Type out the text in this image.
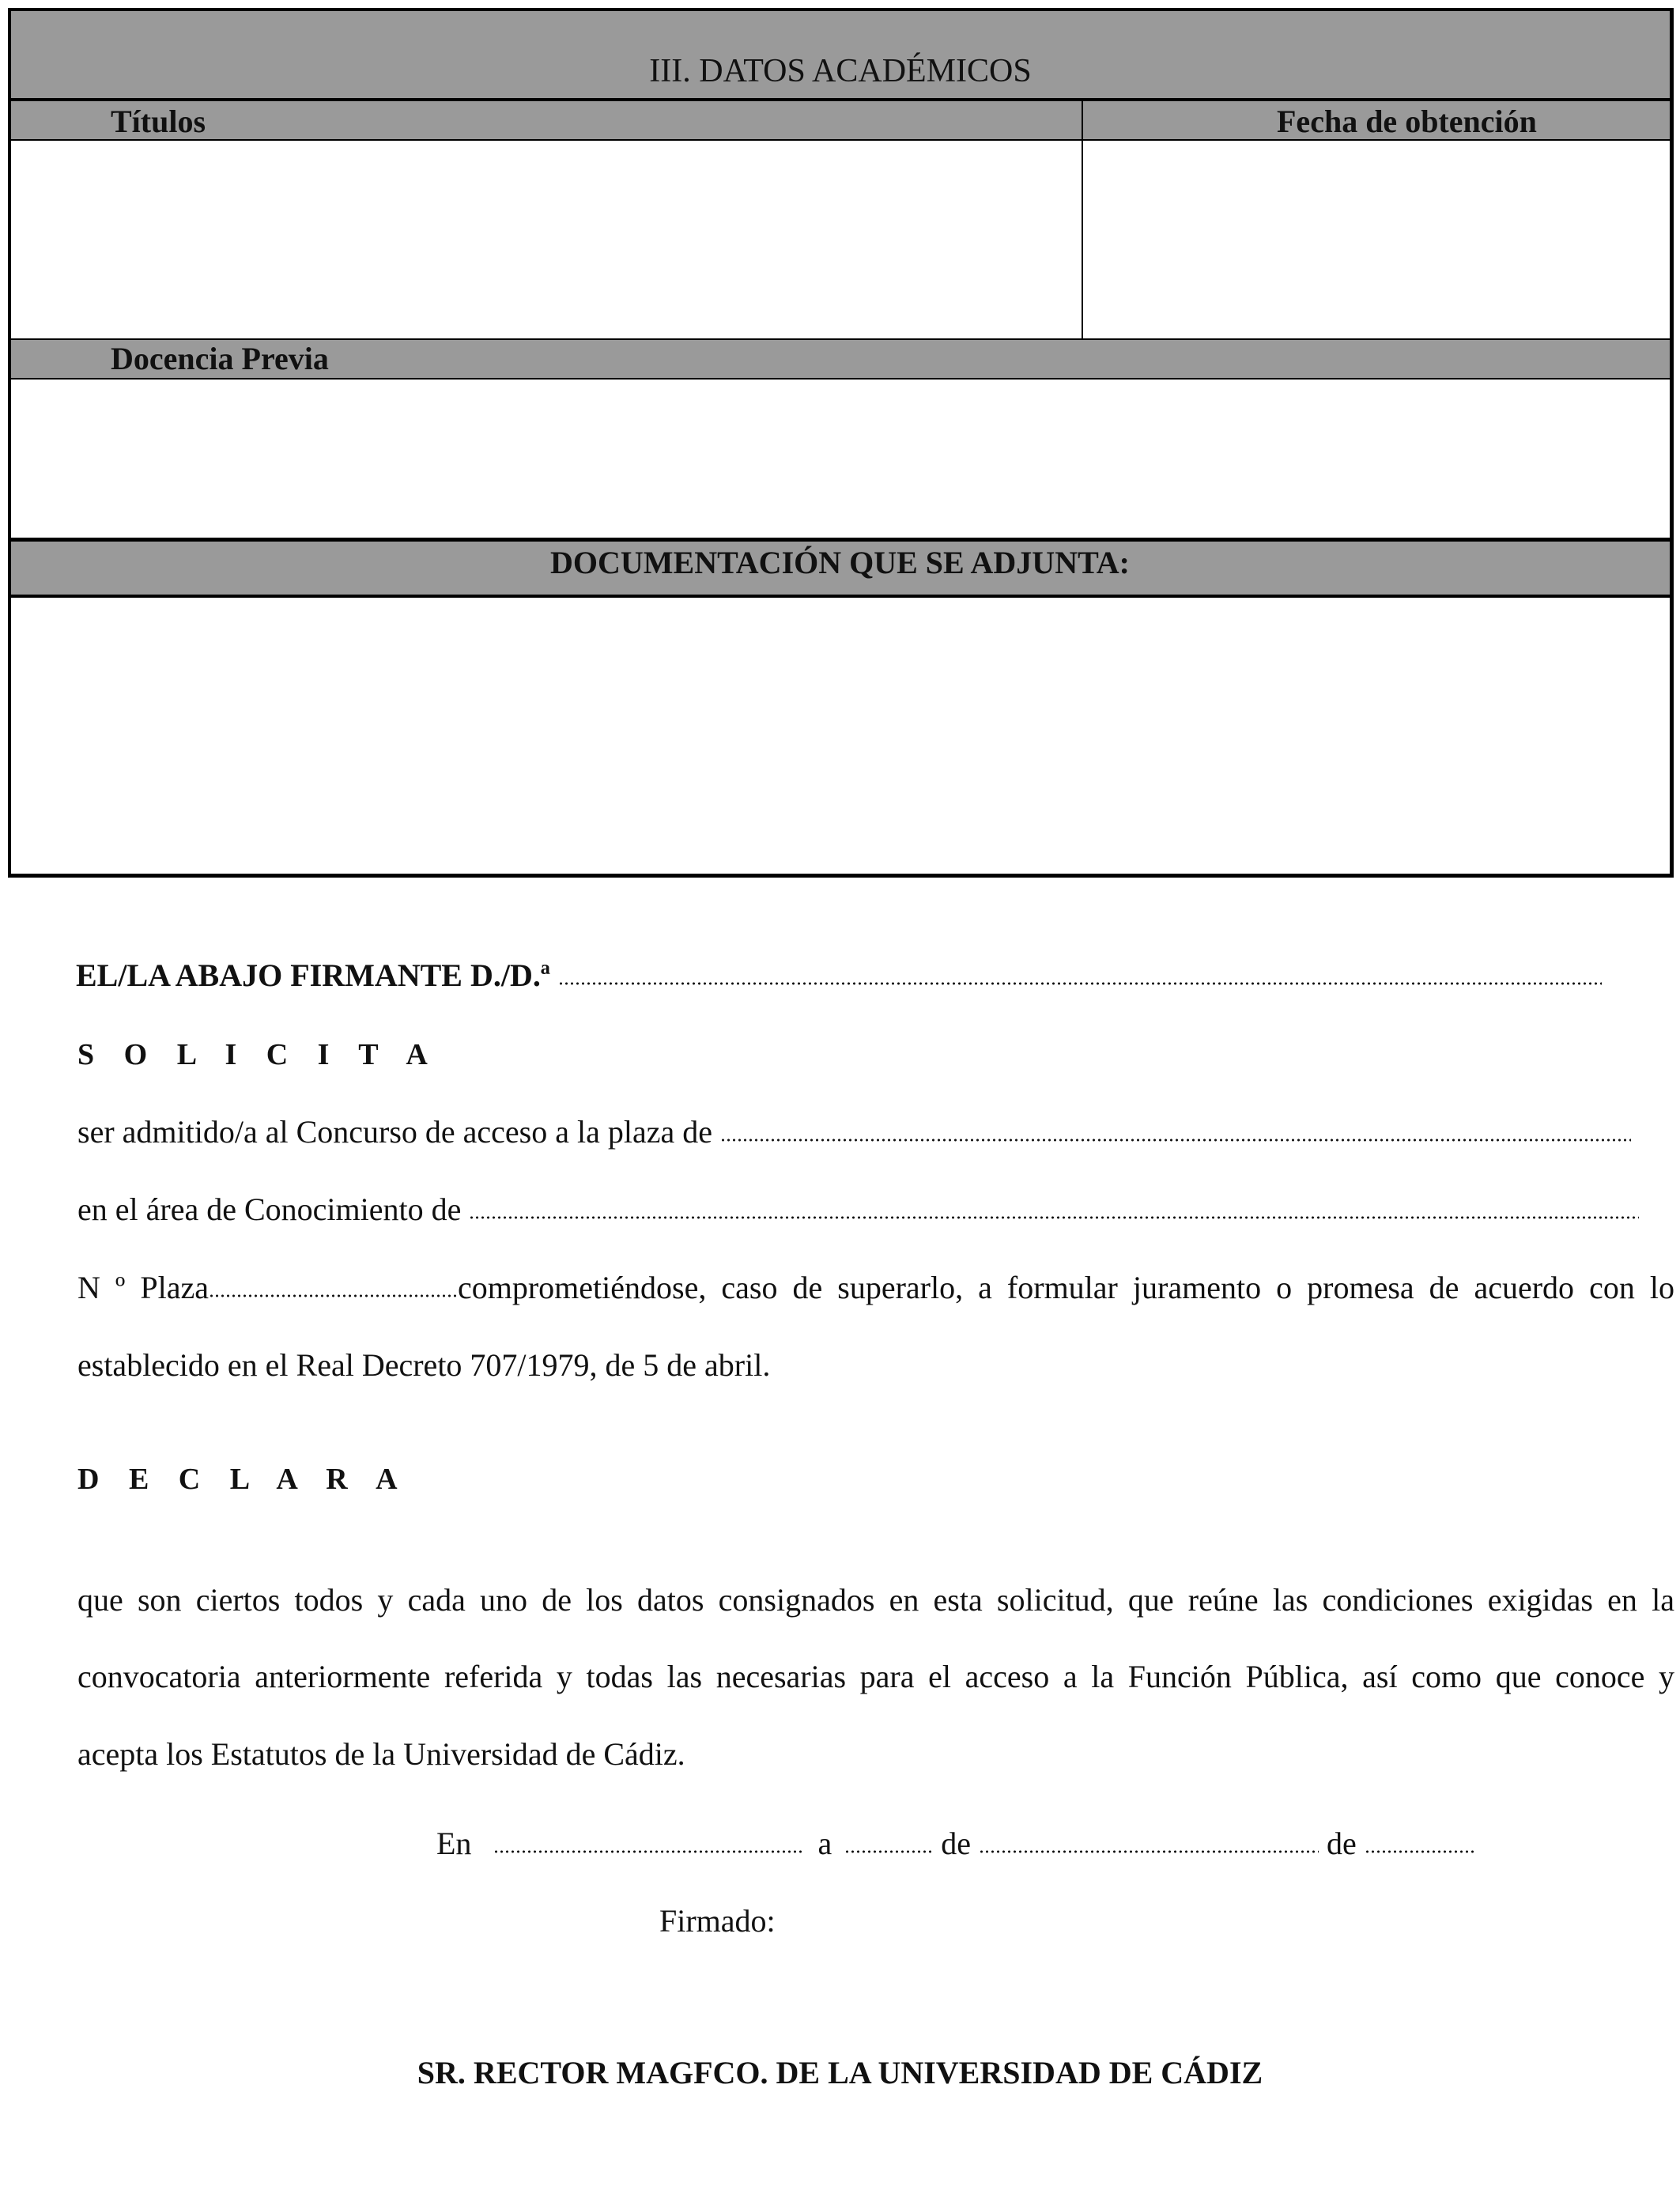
III. DATOS ACADÉMICOS
Títulos	Fecha de obtención
Docencia Previa
DOCUMENTACIÓN QUE SE ADJUNTA:
EL/LA ABAJO FIRMANTE D./D.ª
S O L I C I T A
ser admitido/a al Concurso de acceso a la plaza de
en el área de Conocimiento de
N º Plaza	comprometiéndose, caso de superarlo, a formular juramento o promesa de acuerdo con lo
establecido en el Real Decreto 707/1979, de 5 de abril.
D E C L A R A
que son ciertos todos y cada uno de los datos consignados en esta solicitud, que reúne las condiciones exigidas en la
convocatoria anteriormente referida y todas las necesarias para el acceso a la Función Pública, así como que conoce y
acepta los Estatutos de la Universidad de Cádiz.
En	a	de	de
Firmado:
SR. RECTOR MAGFCO. DE LA UNIVERSIDAD DE CÁDIZ
